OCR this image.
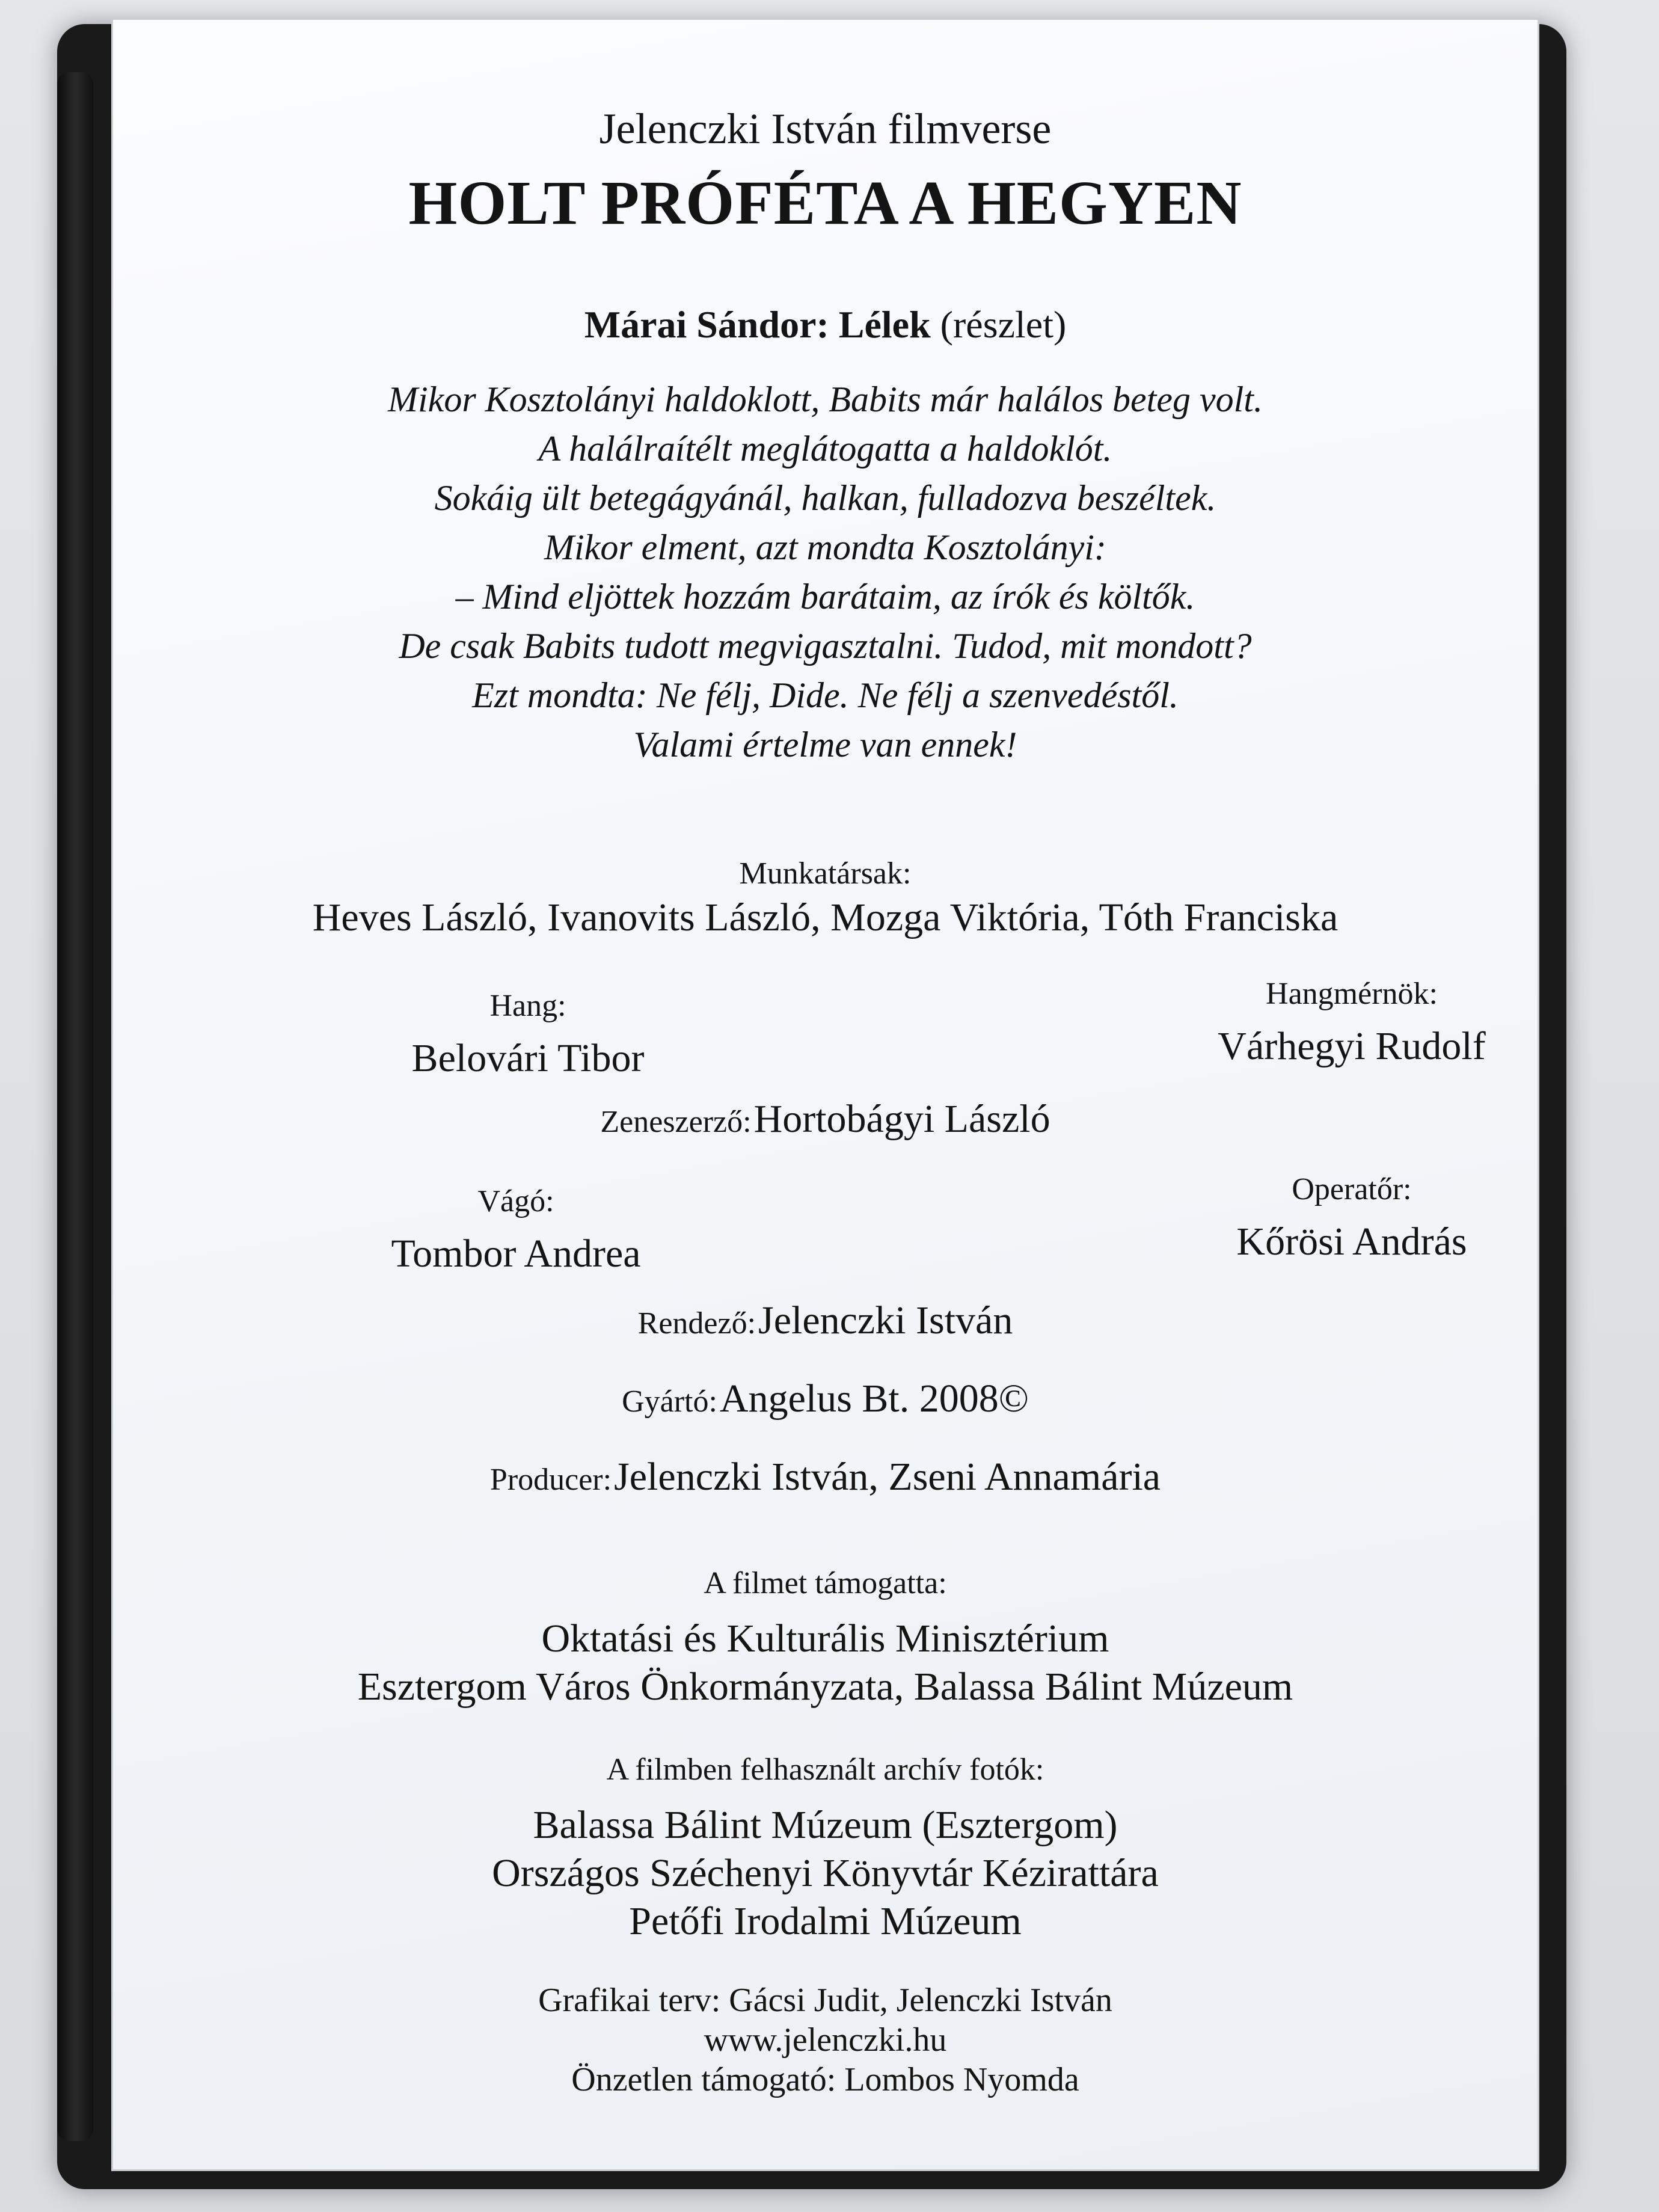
Jelenczki István filmverse
HOLT PRÓFÉTA A HEGYEN
Márai Sándor: Lélek (részlet)
Mikor Kosztolányi haldoklott, Babits már halálos beteg volt.
A halálraítélt meglátogatta a haldoklót.
Sokáig ült betegágyánál, halkan, fulladozva beszéltek.
Mikor elment, azt mondta Kosztolányi:
– Mind eljöttek hozzám barátaim, az írók és költők.
De csak Babits tudott megvigasztalni. Tudod, mit mondott?
Ezt mondta: Ne félj, Dide. Ne félj a szenvedéstől.
Valami értelme van ennek!
Munkatársak:
Heves László, Ivanovits László, Mozga Viktória, Tóth Franciska
Hang:
Belovári Tibor
Hangmérnök:
Várhegyi Rudolf
Zeneszerző: Hortobágyi László
Vágó:
Tombor Andrea
Operatőr:
Kőrösi András
Rendező: Jelenczki István
Gyártó: Angelus Bt. 2008©
Producer: Jelenczki István, Zseni Annamária
A filmet támogatta:
Oktatási és Kulturális Minisztérium
Esztergom Város Önkormányzata, Balassa Bálint Múzeum
A filmben felhasznált archív fotók:
Balassa Bálint Múzeum (Esztergom)
Országos Széchenyi Könyvtár Kézirattára
Petőfi Irodalmi Múzeum
Grafikai terv: Gácsi Judit, Jelenczki István
www.jelenczki.hu
Önzetlen támogató: Lombos Nyomda
